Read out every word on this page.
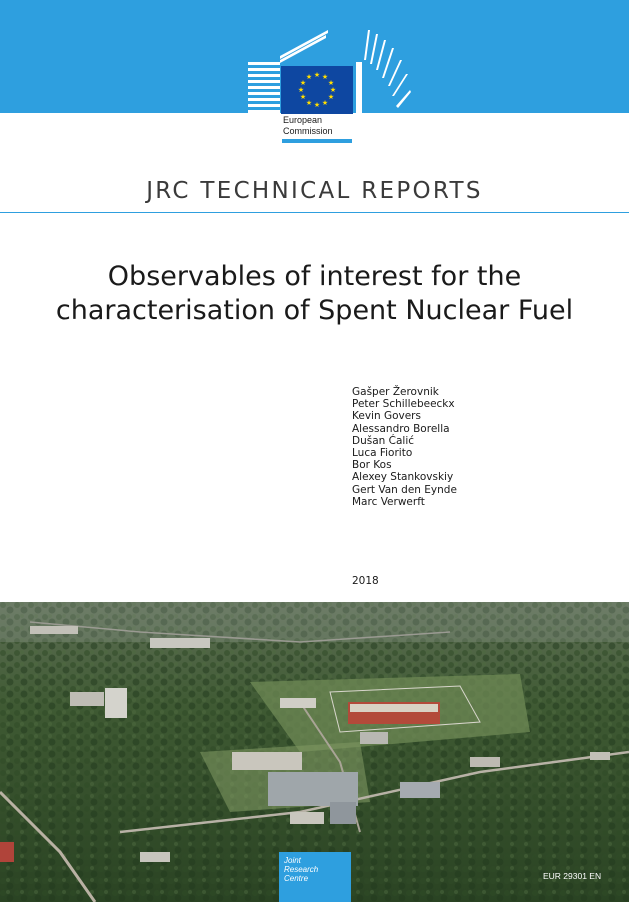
★ ★
★
★
★
★
★
★
★
★
★
★
European
Commission
JRC TECHNICAL REPORTS
Observables of interest for the
characterisation of Spent Nuclear Fuel
Gašper Žerovnik
Peter Schillebeeckx
Kevin Govers
Alessandro Borella
Dušan Ćalić
Luca Fiorito
Bor Kos
Alexey Stankovskiy
Gert Van den Eynde
Marc Verwerft
2018
Joint
Research
Centre	EUR 29301 EN
